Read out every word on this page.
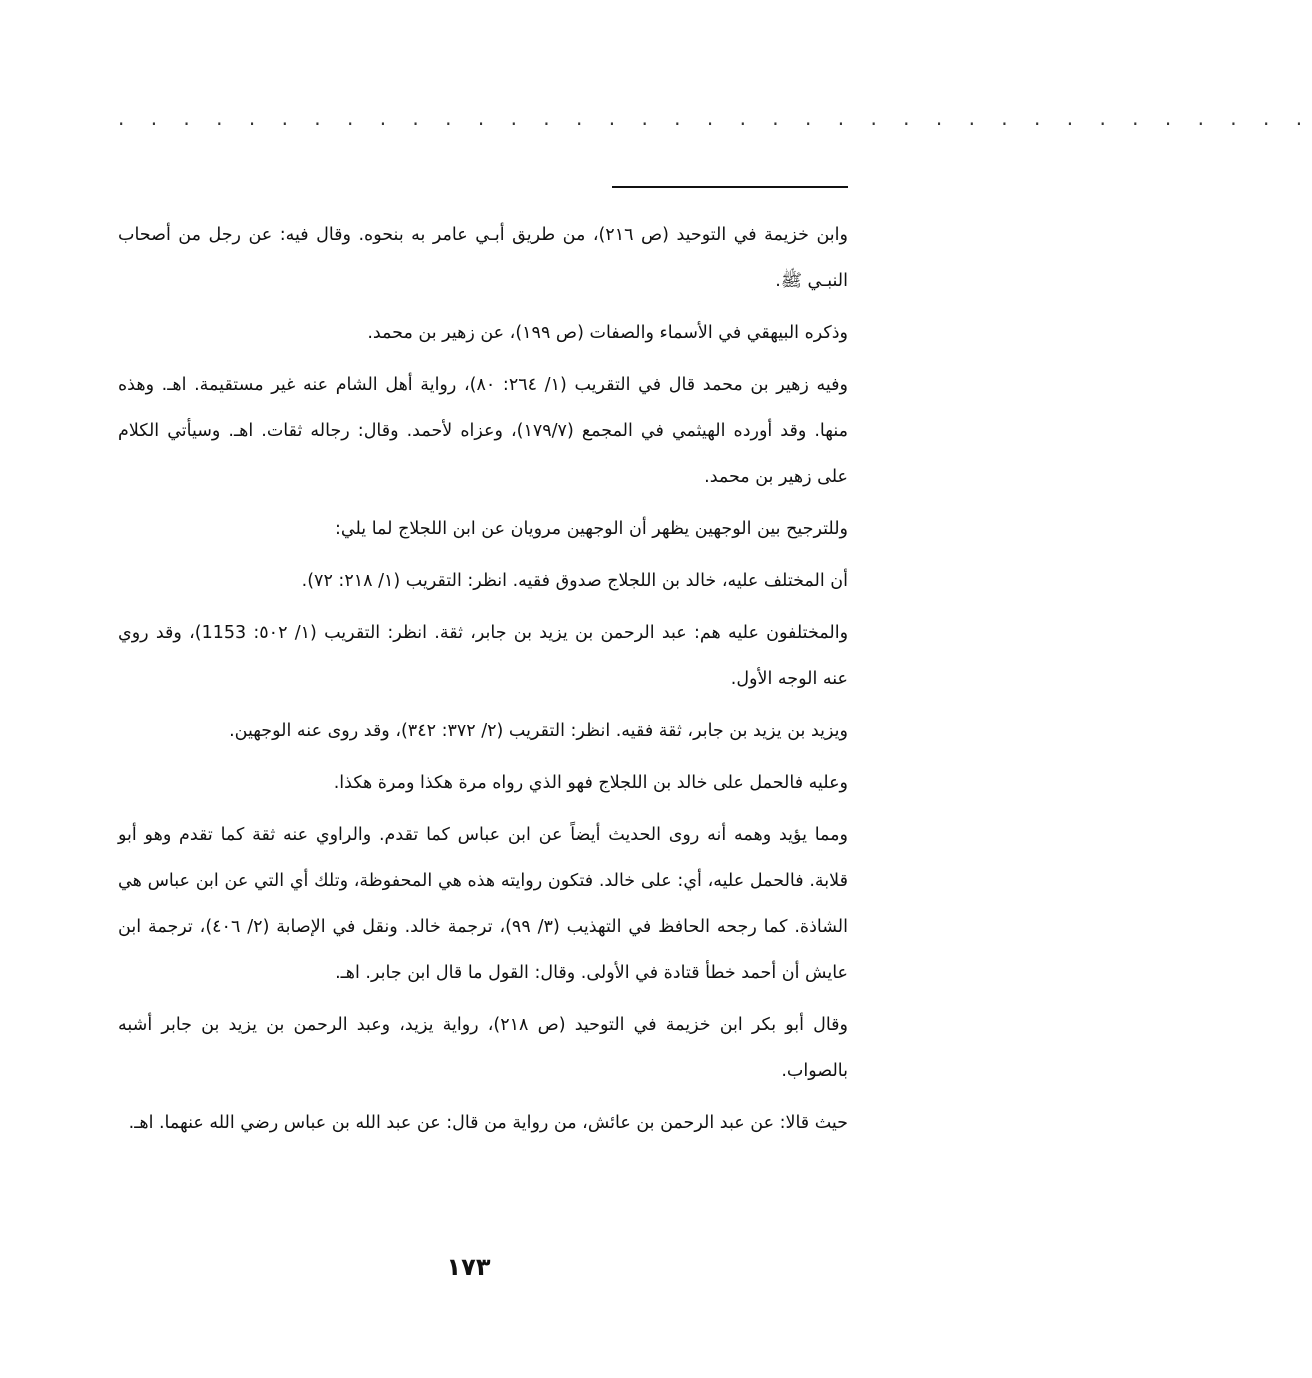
· · · · · · · · · · · · · · · · · · · · · · · · · · · · · · · · · · · · ·

وابن خزيمة في التوحيد (ص ٢١٦)، من طريق أبـي عامر به بنحوه. وقال فيه: عن رجل من أصحاب النبـي ﷺ.

وذكره البيهقي في الأسماء والصفات (ص ١٩٩)، عن زهير بن محمد.

وفيه زهير بن محمد قال في التقريب (١/ ٢٦٤: ٨٠)، رواية أهل الشام عنه غير مستقيمة. اهـ. وهذه منها. وقد أورده الهيثمي في المجمع (١٧٩/٧)، وعزاه لأحمد. وقال: رجاله ثقات. اهـ. وسيأتي الكلام على زهير بن محمد.

وللترجيح بين الوجهين يظهر أن الوجهين مرويان عن ابن اللجلاج لما يلي:

أن المختلف عليه، خالد بن اللجلاج صدوق فقيه. انظر: التقريب (١/ ٢١٨: ٧٢).

والمختلفون عليه هم: عبد الرحمن بن يزيد بن جابر، ثقة. انظر: التقريب (١/ ٥٠٢: 1153)، وقد روي عنه الوجه الأول.

ويزيد بن يزيد بن جابر، ثقة فقيه. انظر: التقريب (٢/ ٣٧٢: ٣٤٢)، وقد روى عنه الوجهين.

وعليه فالحمل على خالد بن اللجلاج فهو الذي رواه مرة هكذا ومرة هكذا.

ومما يؤيد وهمه أنه روى الحديث أيضاً عن ابن عباس كما تقدم. والراوي عنه ثقة كما تقدم وهو أبو قلابة. فالحمل عليه، أي: على خالد. فتكون روايته هذه هي المحفوظة، وتلك أي التي عن ابن عباس هي الشاذة. كما رجحه الحافظ في التهذيب (٣/ ٩٩)، ترجمة خالد. ونقل في الإصابة (٢/ ٤٠٦)، ترجمة ابن عايش أن أحمد خطأ قتادة في الأولى. وقال: القول ما قال ابن جابر. اهـ.

وقال أبو بكر ابن خزيمة في التوحيد (ص ٢١٨)، رواية يزيد، وعبد الرحمن بن يزيد بن جابر أشبه بالصواب.

حيث قالا: عن عبد الرحمن بن عائش، من رواية من قال: عن عبد الله بن عباس رضي الله عنهما. اهـ.

١٧٣
